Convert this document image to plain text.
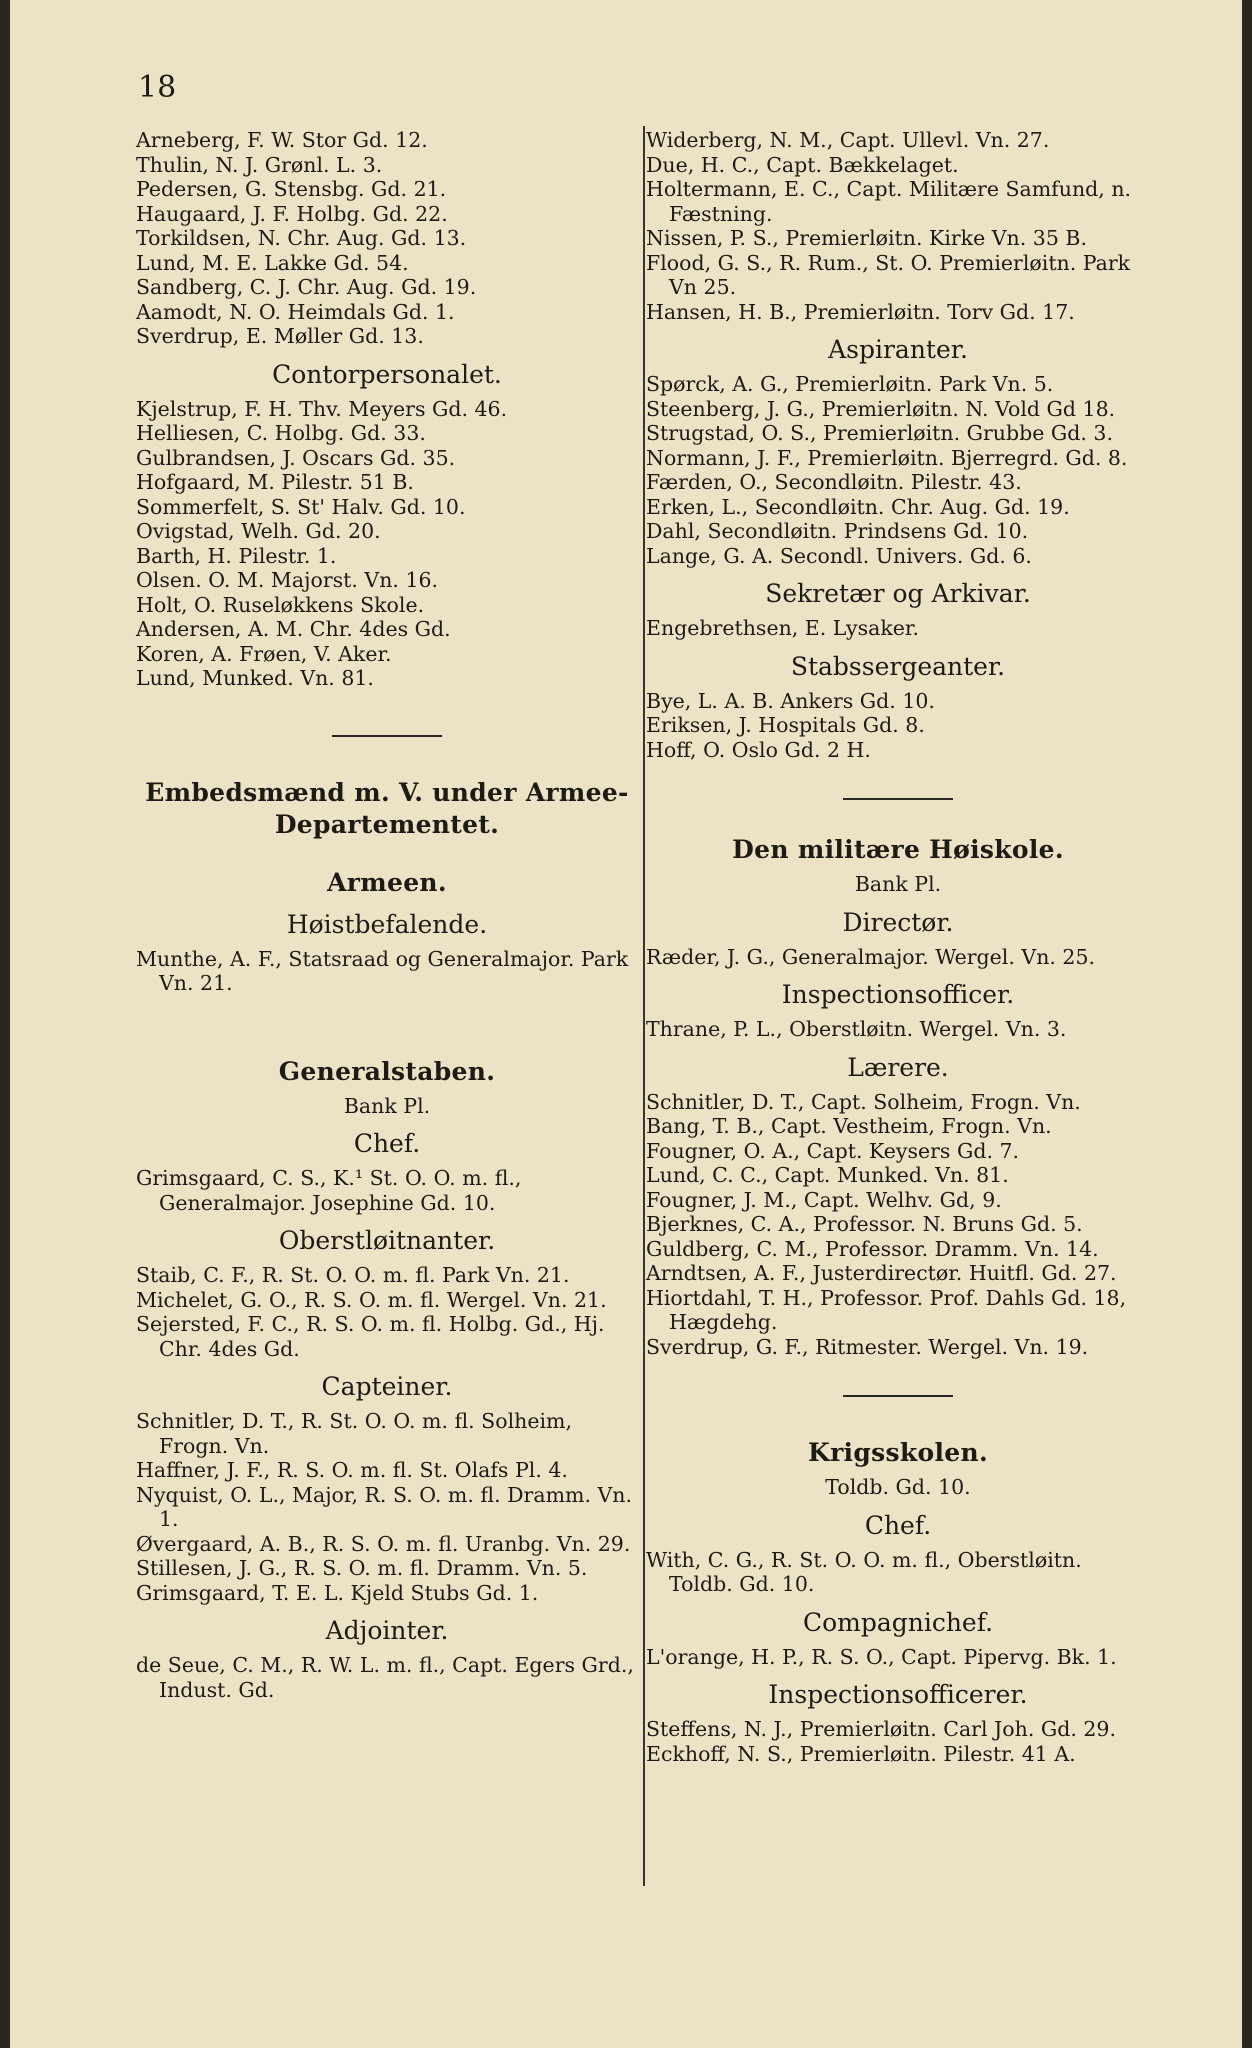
18
Arneberg, F. W. Stor Gd. 12.
Thulin, N. J. Grønl. L. 3.
Pedersen, G. Stensbg. Gd. 21.
Haugaard, J. F. Holbg. Gd. 22.
Torkildsen, N. Chr. Aug. Gd. 13.
Lund, M. E. Lakke Gd. 54.
Sandberg, C. J. Chr. Aug. Gd. 19.
Aamodt, N. O. Heimdals Gd. 1.
Sverdrup, E. Møller Gd. 13.
Contorpersonalet.
Kjelstrup, F. H. Thv. Meyers Gd. 46.
Helliesen, C. Holbg. Gd. 33.
Gulbrandsen, J. Oscars Gd. 35.
Hofgaard, M. Pilestr. 51 B.
Sommerfelt, S. St' Halv. Gd. 10.
Ovigstad, Welh. Gd. 20.
Barth, H. Pilestr. 1.
Olsen. O. M. Majorst. Vn. 16.
Holt, O. Ruseløkkens Skole.
Andersen, A. M. Chr. 4des Gd.
Koren, A. Frøen, V. Aker.
Lund, Munked. Vn. 81.
Embedsmænd m. V. under Armee-
Departementet.
Armeen.
Høistbefalende.
Munthe, A. F., Statsraad og Generalmajor. Park Vn. 21.
Generalstaben.
Bank Pl.
Chef.
Grimsgaard, C. S., K.¹ St. O. O. m. fl., Generalmajor. Josephine Gd. 10.
Oberstløitnanter.
Staib, C. F., R. St. O. O. m. fl. Park Vn. 21.
Michelet, G. O., R. S. O. m. fl. Wergel. Vn. 21.
Sejersted, F. C., R. S. O. m. fl. Holbg. Gd., Hj. Chr. 4des Gd.
Capteiner.
Schnitler, D. T., R. St. O. O. m. fl. Solheim, Frogn. Vn.
Haffner, J. F., R. S. O. m. fl. St. Olafs Pl. 4.
Nyquist, O. L., Major, R. S. O. m. fl. Dramm. Vn. 1.
Øvergaard, A. B., R. S. O. m. fl. Uranbg. Vn. 29.
Stillesen, J. G., R. S. O. m. fl. Dramm. Vn. 5.
Grimsgaard, T. E. L. Kjeld Stubs Gd. 1.
Adjointer.
de Seue, C. M., R. W. L. m. fl., Capt. Egers Grd., Indust. Gd.
Widerberg, N. M., Capt. Ullevl. Vn. 27.
Due, H. C., Capt. Bækkelaget.
Holtermann, E. C., Capt. Militære Samfund, n. Fæstning.
Nissen, P. S., Premierløitn. Kirke Vn. 35 B.
Flood, G. S., R. Rum., St. O. Premierløitn. Park Vn 25.
Hansen, H. B., Premierløitn. Torv Gd. 17.
Aspiranter.
Spørck, A. G., Premierløitn. Park Vn. 5.
Steenberg, J. G., Premierløitn. N. Vold Gd 18.
Strugstad, O. S., Premierløitn. Grubbe Gd. 3.
Normann, J. F., Premierløitn. Bjerregrd. Gd. 8.
Færden, O., Secondløitn. Pilestr. 43.
Erken, L., Secondløitn. Chr. Aug. Gd. 19.
Dahl, Secondløitn. Prindsens Gd. 10.
Lange, G. A. Secondl. Univers. Gd. 6.
Sekretær og Arkivar.
Engebrethsen, E. Lysaker.
Stabssergeanter.
Bye, L. A. B. Ankers Gd. 10.
Eriksen, J. Hospitals Gd. 8.
Hoff, O. Oslo Gd. 2 H.
Den militære Høiskole.
Bank Pl.
Directør.
Ræder, J. G., Generalmajor. Wergel. Vn. 25.
Inspectionsofficer.
Thrane, P. L., Oberstløitn. Wergel. Vn. 3.
Lærere.
Schnitler, D. T., Capt. Solheim, Frogn. Vn.
Bang, T. B., Capt. Vestheim, Frogn. Vn.
Fougner, O. A., Capt. Keysers Gd. 7.
Lund, C. C., Capt. Munked. Vn. 81.
Fougner, J. M., Capt. Welhv. Gd, 9.
Bjerknes, C. A., Professor. N. Bruns Gd. 5.
Guldberg, C. M., Professor. Dramm. Vn. 14.
Arndtsen, A. F., Justerdirectør. Huitfl. Gd. 27.
Hiortdahl, T. H., Professor. Prof. Dahls Gd. 18, Hægdehg.
Sverdrup, G. F., Ritmester. Wergel. Vn. 19.
Krigsskolen.
Toldb. Gd. 10.
Chef.
With, C. G., R. St. O. O. m. fl., Oberstløitn. Toldb. Gd. 10.
Compagnichef.
L'orange, H. P., R. S. O., Capt. Pipervg. Bk. 1.
Inspectionsofficerer.
Steffens, N. J., Premierløitn. Carl Joh. Gd. 29.
Eckhoff, N. S., Premierløitn. Pilestr. 41 A.
